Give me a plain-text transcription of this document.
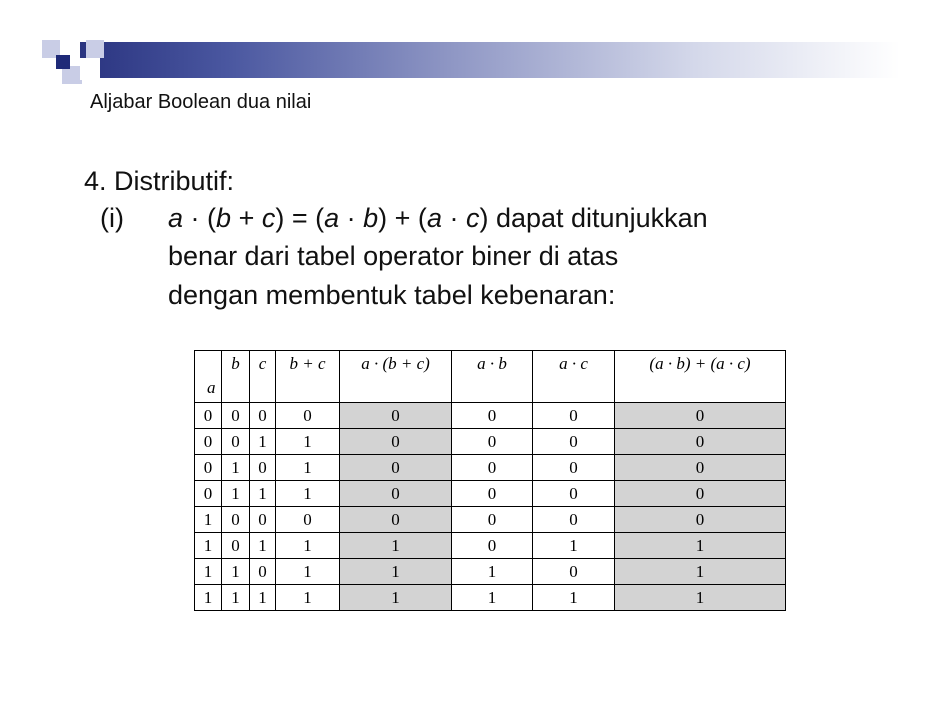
Aljabar Boolean dua nilai
4. Distributif:
(i) a · (b + c) = (a · b) + (a · c) dapat ditunjukkan
benar dari tabel operator biner di atas
dengan membentuk tabel kebenaran:
a	b	c	b + c	a · (b + c)	a · b	a · c	(a · b) + (a · c)
0	0	0	0	0	0	0	0
0	0	1	1	0	0	0	0
0	1	0	1	0	0	0	0
0	1	1	1	0	0	0	0
1	0	0	0	0	0	0	0
1	0	1	1	1	0	1	1
1	1	0	1	1	1	0	1
1	1	1	1	1	1	1	1
